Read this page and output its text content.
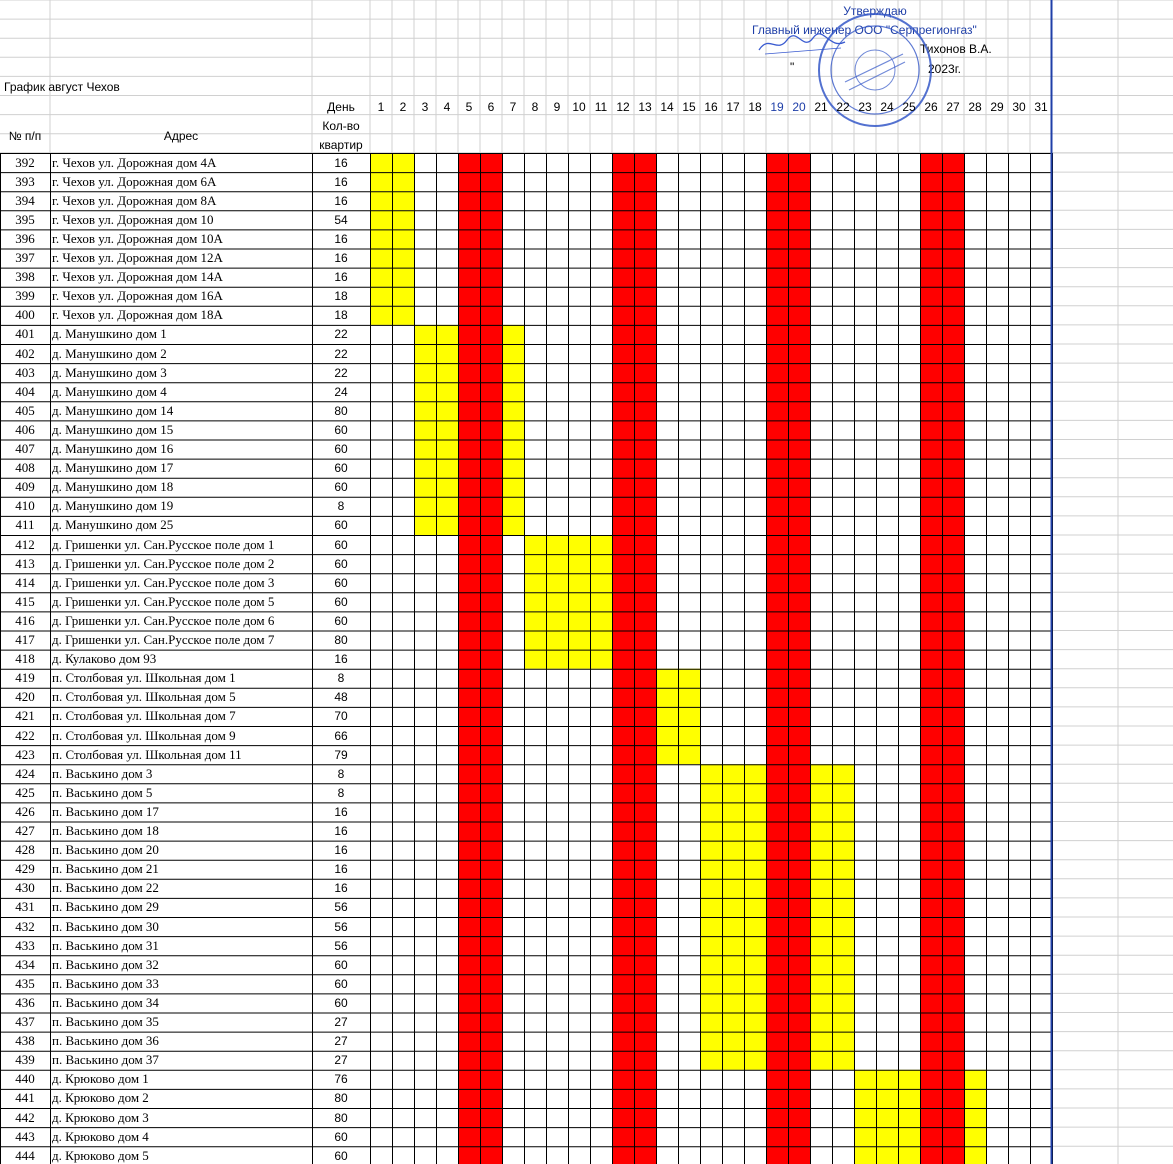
График август Чехов
Утверждаю
Главный инженер ООО "Серпрегионгаз"
Тихонов В.А.
"	2023г.
День
№ п/п	Адрес
Кол-во
квартир
1	2	3	4	5	6	7	8	9 10 11 12 13 14 15 16 17 18 19 20 21 22 23 24 25 26 27 28 29 30 31
392	г. Чехов ул. Дорожная дом 4А	16
393	г. Чехов ул. Дорожная дом 6А	16
394	г. Чехов ул. Дорожная дом 8А	16
395	г. Чехов ул. Дорожная дом 10	54
396	г. Чехов ул. Дорожная дом 10А	16
397	г. Чехов ул. Дорожная дом 12А	16
398	г. Чехов ул. Дорожная дом 14А	16
399	г. Чехов ул. Дорожная дом 16А	18
400	г. Чехов ул. Дорожная дом 18А	18
401	д. Манушкино дом 1	22
402	д. Манушкино дом 2	22
403	д. Манушкино дом 3	22
404	д. Манушкино дом 4	24
405	д. Манушкино дом 14	80
406	д. Манушкино дом 15	60
407	д. Манушкино дом 16	60
408	д. Манушкино дом 17	60
409	д. Манушкино дом 18	60
410	д. Манушкино дом 19	8
411	д. Манушкино дом 25	60
412	д. Гришенки ул. Сан.Русское поле дом 1	60
413	д. Гришенки ул. Сан.Русское поле дом 2	60
414	д. Гришенки ул. Сан.Русское поле дом 3	60
415	д. Гришенки ул. Сан.Русское поле дом 5	60
416	д. Гришенки ул. Сан.Русское поле дом 6	60
417	д. Гришенки ул. Сан.Русское поле дом 7	80
418	д. Кулаково дом 93	16
419	п. Столбовая ул. Школьная дом 1	8
420	п. Столбовая ул. Школьная дом 5	48
421	п. Столбовая ул. Школьная дом 7	70
422	п. Столбовая ул. Школьная дом 9	66
423	п. Столбовая ул. Школьная дом 11	79
424	п. Васькино дом 3	8
425	п. Васькино дом 5	8
426	п. Васькино дом 17	16
427	п. Васькино дом 18	16
428	п. Васькино дом 20	16
429	п. Васькино дом 21	16
430	п. Васькино дом 22	16
431	п. Васькино дом 29	56
432	п. Васькино дом 30	56
433	п. Васькино дом 31	56
434	п. Васькино дом 32	60
435	п. Васькино дом 33	60
436	п. Васькино дом 34	60
437	п. Васькино дом 35	27
438	п. Васькино дом 36	27
439	п. Васькино дом 37	27
440	д. Крюково дом 1	76
441	д. Крюково дом 2	80
442	д. Крюково дом 3	80
443	д. Крюково дом 4	60
444	д. Крюково дом 5	60
